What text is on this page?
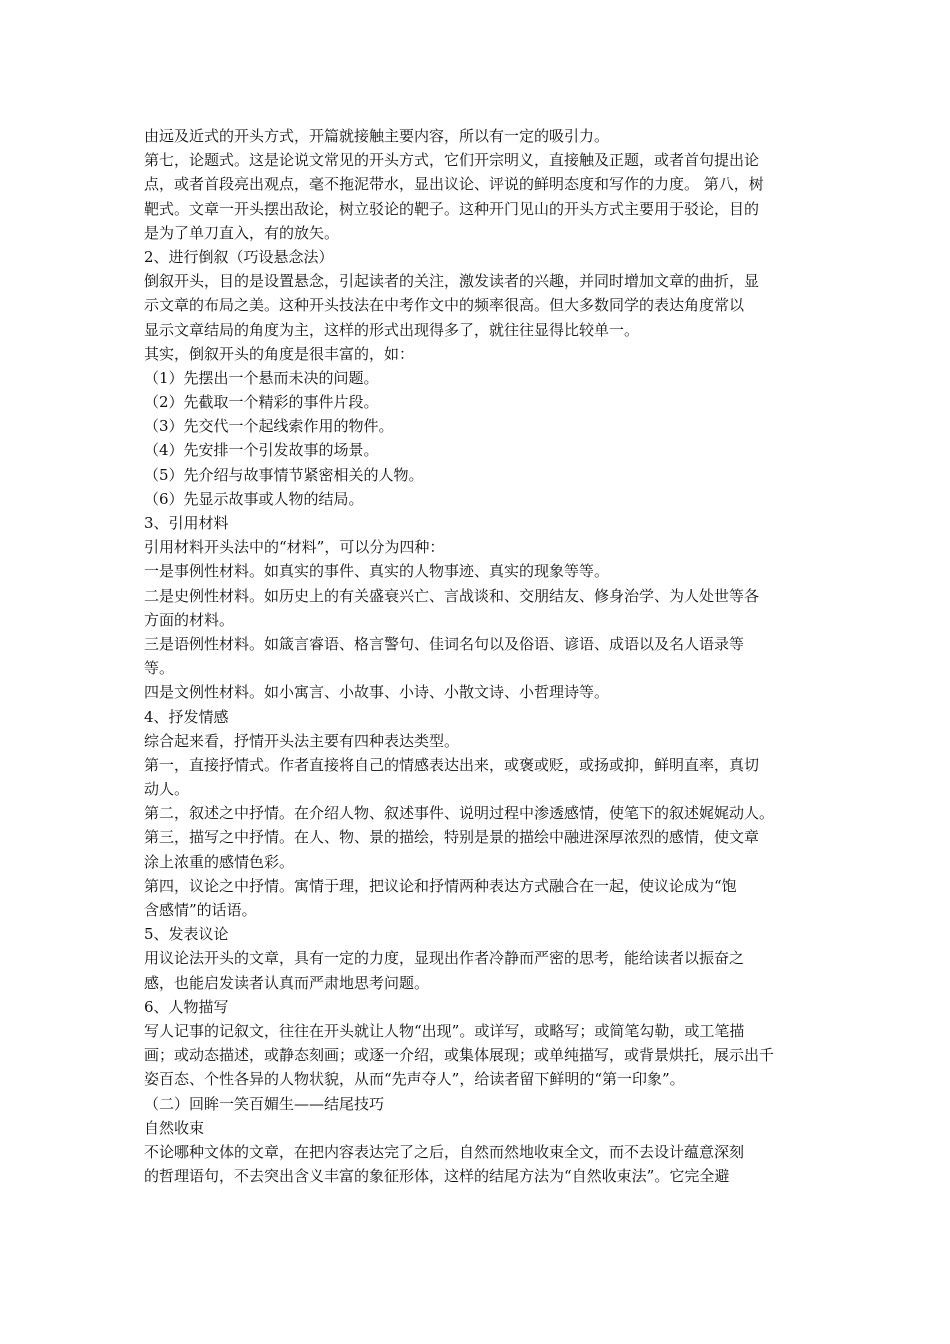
由远及近式的开头方式，开篇就接触主要内容，所以有一定的吸引力。
第七，论题式。这是论说文常见的开头方式，它们开宗明义，直接触及正题，或者首句提出论
点，或者首段亮出观点，毫不拖泥带水，显出议论、评说的鲜明态度和写作的力度。 第八，树
靶式。文章一开头摆出敌论，树立驳论的靶子。这种开门见山的开头方式主要用于驳论，目的
是为了单刀直入，有的放矢。
2、进行倒叙（巧设悬念法）
倒叙开头，目的是设置悬念，引起读者的关注，激发读者的兴趣，并同时增加文章的曲折，显
示文章的布局之美。这种开头技法在中考作文中的频率很高。但大多数同学的表达角度常以
显示文章结局的角度为主，这样的形式出现得多了，就往往显得比较单一。
其实，倒叙开头的角度是很丰富的，如：
（1）先摆出一个悬而未决的问题。
（2）先截取一个精彩的事件片段。
（3）先交代一个起线索作用的物件。
（4）先安排一个引发故事的场景。
（5）先介绍与故事情节紧密相关的人物。
（6）先显示故事或人物的结局。
3、引用材料
引用材料开头法中的“材料”，可以分为四种：
一是事例性材料。如真实的事件、真实的人物事迹、真实的现象等等。
二是史例性材料。如历史上的有关盛衰兴亡、言战谈和、交朋结友、修身治学、为人处世等各
方面的材料。
三是语例性材料。如箴言睿语、格言警句、佳词名句以及俗语、谚语、成语以及名人语录等
等。
四是文例性材料。如小寓言、小故事、小诗、小散文诗、小哲理诗等。
4、抒发情感
综合起来看，抒情开头法主要有四种表达类型。
第一，直接抒情式。作者直接将自己的情感表达出来，或褒或贬，或扬或抑，鲜明直率，真切
动人。
第二，叙述之中抒情。在介绍人物、叙述事件、说明过程中渗透感情，使笔下的叙述娓娓动人。
第三，描写之中抒情。在人、物、景的描绘，特别是景的描绘中融进深厚浓烈的感情，使文章
涂上浓重的感情色彩。
第四，议论之中抒情。寓情于理，把议论和抒情两种表达方式融合在一起，使议论成为“饱
含感情”的话语。
5、发表议论
用议论法开头的文章，具有一定的力度，显现出作者冷静而严密的思考，能给读者以振奋之
感，也能启发读者认真而严肃地思考问题。
6、人物描写
写人记事的记叙文，往往在开头就让人物“出现”。或详写，或略写；或简笔勾勒，或工笔描
画；或动态描述，或静态刻画；或逐一介绍，或集体展现；或单纯描写，或背景烘托，展示出千
姿百态、个性各异的人物状貌，从而“先声夺人”，给读者留下鲜明的“第一印象”。
（二）回眸一笑百媚生——结尾技巧
自然收束
不论哪种文体的文章，在把内容表达完了之后，自然而然地收束全文，而不去设计蕴意深刻
的哲理语句，不去突出含义丰富的象征形体，这样的结尾方法为“自然收束法”。它完全避
